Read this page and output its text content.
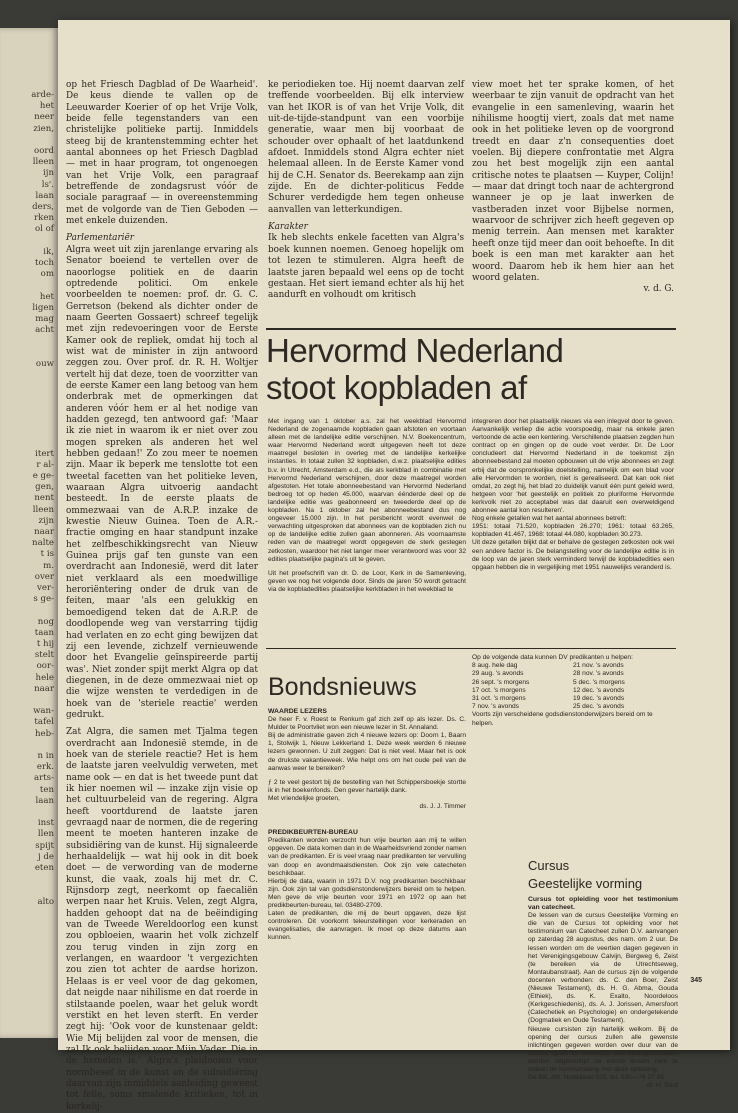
arde-
het
neer
zien,

oord
lleen
ijn
ls'.
laan
ders,
rken
ol of

ik,
toch
om

het
ligen
mag
acht

ouw

itert
r al-
e ge-
gen,
nent
lleen
zijn
naar
nalte
t is
m.
over
ver-
s ge-

nog
taan
t hij
stelt
oor-
hele
naar

wan-
tafel
heb-

n in
erk.
arts-
ten
laan

inst
llen
spijt
j de
eten

alto

op het Friesch Dagblad of De Waarheid'. De keus diende te vallen op de Leeuwarder Koerier of op het Vrije Volk, beide felle tegenstanders van een christelijke politieke partij. Inmiddels steeg bij de krantenstemming echter het aantal abonnees op het Friesch Dagblad — met in haar program, tot ongenoegen van het Vrije Volk, een paragraaf betreffende de zondagsrust vóór de sociale paragraaf — in overeenstemming met de volgorde van de Tien Geboden — met enkele duizenden.

Parlementariër

Algra weet uit zijn jarenlange ervaring als Senator boeiend te vertellen over de naoorlogse politiek en de daarin optredende politici. Om enkele voorbeelden te noemen: prof. dr. G. C. Gerretson (bekend als dichter onder de naam Geerten Gossaert) schreef tegelijk met zijn redevoeringen voor de Eerste Kamer ook de repliek, omdat hij toch al wist wat de minister in zijn antwoord zeggen zou. Over prof. dr. R. H. Woltjer vertelt hij dat deze, toen de voorzitter van de eerste Kamer een lang betoog van hem onderbrak met de opmerkingen dat anderen vóór hem er al het nodige van hadden gezegd, ten antwoord gaf: 'Maar ik zie niet in waarom ik er niet over zou mogen spreken als anderen het wel hebben gedaan!' Zo zou meer te noemen zijn. Maar ik beperk me tenslotte tot een tweetal facetten van het politieke leven, waaraan Algra uitvoerig aandacht besteedt. In de eerste plaats de ommezwaai van de A.R.P. inzake de kwestie Nieuw Guinea. Toen de A.R.-fractie omging en haar standpunt inzake het zelfbeschikkingsrecht van Nieuw Guinea prijs gaf ten gunste van een overdracht aan Indonesië, werd dit later niet verklaard als een moedwillige heroriëntering onder de druk van de feiten, maar 'als een gelukkig en bemoedigend teken dat de A.R.P. de doodlopende weg van verstarring tijdig had verlaten en zo echt ging bewijzen dat zij een levende, zichzelf vernieuwende door het Evangelie geïnspireerde partij was'. Niet zonder spijt merkt Algra op dat diegenen, in de deze ommezwaai niet op die wijze wensten te verdedigen in de hoek van de 'steriele reactie' werden gedrukt.

Zat Algra, die samen met Tjalma tegen overdracht aan Indonesië stemde, in de hoek van de steriele reactie? Het is hem de laatste jaren veelvuldig verweten, met name ook — en dat is het tweede punt dat ik hier noemen wil — inzake zijn visie op het cultuurbeleid van de regering. Algra heeft voortdurend de laatste jaren gevraagd naar de normen, die de regering meent te moeten hanteren inzake de subsidiëring van de kunst. Hij signaleerde herhaaldelijk — wat hij ook in dit boek doet — de verwording van de moderne kunst, die vaak, zoals hij met dr. C. Rijnsdorp zegt, neerkomt op faecaliën werpen naar het Kruis. Velen, zegt Algra, hadden gehoopt dat na de beëindiging van de Tweede Wereldoorlog een kunst zou opbloeien, waarin het volk zichzelf zou terug vinden in zijn zorg en verlangen, en waardoor 't vergezichten zou zien tot achter de aardse horizon. Helaas is er veel voor de dag gekomen, dat neigde naar nihilisme en dat roerde in stilstaande poelen, waar het geluk wordt verstikt en het leven sterft. En verder zegt hij: 'Ook voor de kunstenaar geldt: Wie Mij belijden zal voor de mensen, die zal Ik ook belijden voor Mijn Vader, Die in de hemelen is.' Algra's pleidooien voor normbesef in de kunst en de subsidiëring daarvan zijn inmiddels aanleiding geweest tot felle, soms smalende kritieken, tot in kerkelij-

ke periodieken toe. Hij noemt daarvan zelf treffende voorbeelden. Bij elk interview van het IKOR is of van het Vrije Volk, dit uit-de-tijde-standpunt van een voorbije generatie, waar men bij voorbaat de schouder over ophaalt of het laatdunkend afdoet. Inmiddels stond Algra echter niet helemaal alleen. In de Eerste Kamer vond hij de C.H. Senator ds. Beerekamp aan zijn zijde. En de dichter-politicus Fedde Schurer verdedigde hem tegen onheuse aanvallen van letterkundigen.

Karakter

Ik heb slechts enkele facetten van Algra's boek kunnen noemen. Genoeg hopelijk om tot lezen te stimuleren. Algra heeft de laatste jaren bepaald wel eens op de tocht gestaan. Het siert iemand echter als hij het aandurft en volhoudt om kritisch

view moet het ter sprake komen, of het weerbaar te zijn vanuit de opdracht van het evangelie in een samenleving, waarin het nihilisme hoogtij viert, zoals dat met name ook in het politieke leven op de voorgrond treedt en daar z'n consequenties doet voelen. Bij diepere confrontatie met Algra zou het best mogelijk zijn een aantal critische notes te plaatsen — Kuyper, Colijn! — maar dat dringt toch naar de achtergrond wanneer je op je laat inwerken de vastberaden inzet voor Bijbelse normen, waarvoor de schrijver zich heeft gegeven op menig terrein. Aan mensen met karakter heeft onze tijd meer dan ooit behoefte. In dit boek is een man met karakter aan het woord. Daarom heb ik hem hier aan het woord gelaten.

v. d. G.

Hervormd Nederland
stoot kopbladen af

Met ingang van 1 oktober a.s. zal het weekblad Hervormd Nederland de zogenaamde kopbladen gaan afstoten en voortaan alleen met de landelijke editie verschijnen. N.V. Boekencentrum, waar Hervormd Nederland wordt uitgegeven heeft tot deze maatregel besloten in overleg met de landelijke kerkelijke instanties. In totaal zullen 32 kopbladen, d.w.z. plaatselijke edities b.v. in Utrecht, Amsterdam e.d., die als kerkblad in combinatie met Hervormd Nederland verschijnen, door deze maatregel worden afgestoten. Het totale abonneebestand van Hervormd Nederland bedroeg tot op heden 45.000, waarvan éénderde deel op de landelijke editie was geabonneerd en tweederde deel op de kopbladen. Na 1 oktober zal het abonneebestand dus nog ongeveer 15.000 zijn. In het persbericht wordt evenwel de verwachting uitgesproken dat abonnees van de kopbladen zich nu op de landelijke editie zullen gaan abonneren. Als voornaamste reden van de maatregel wordt opgegeven de sterk gestegen zetkosten, waardoor het niet langer meer verantwoord was voor 32 edities plaatselijke pagina's uit te geven.

Uit het proefschrift van dr. D. de Loor, Kerk in de Samenleving, geven we nog het volgende door. Sinds de jaren '50 wordt getracht via de kopbladedities plaatselijke kerkbladen in het weekblad te

integreren door het plaatselijk nieuws via een inlegvel door te geven. Aanvankelijk verliep die actie voorspoedig, maar na enkele jaren vertoonde de actie een kentering. Verschillende plaatsen zegden hun contract op en gingen op de oude voet verder. Dr. De Loor concludeert dat Hervormd Nederland in de toekomst zijn abonneebestand zal moeten opbouwen uit de vrije abonnees en zegt erbij dat de oorspronkelijke doelstelling, namelijk om een blad voor alle Hervormden te worden, niet is gerealiseerd. Dat kan ook niet omdat, zo zegt hij, het blad zo duidelijk vanuit één punt geleid werd, hetgeen voor 'het geestelijk en politiek zo pluriforme Hervormde kerkvolk niet zo acceptabel was dat daaruit een overweldigend abonnee aantal kon resulteren'.

Nog enkele getallen wat het aantal abonnees betreft:

1951: totaal 71.520, kopbladen 26.270; 1961: totaal 63.265, kopbladen 41.467, 1968: totaal 44.080, kopbladen 30.273.

Uit deze getallen blijkt dat er behalve de gestegen zetkosten ook wel een andere factor is. De belangstelling voor de landelijke editie is in de loop van de jaren sterk verminderd terwijl de kopbladedities een opgaan hebben die in vergelijking met 1951 nauwelijks veranderd is.

Bondsnieuws

WAARDE LEZERS

De heer F. v. Roest te Renkum gaf zich zelf op als lezer. Ds. C. Mulder te Poortvliet won een nieuwe lezer in St. Annaland.

Bij de administratie gaven zich 4 nieuwe lezers op: Doorn 1, Baarn 1, Stolwijk 1, Nieuw Lekkerland 1. Deze week werden 6 nieuwe lezers gewonnen. U zult zeggen: Dat is niet veel. Maar het is ook de drukste vakantieweek. Wie helpt ons om het oude peil van de aanwas weer te bereiken?

ƒ 2 te veel gestort bij de bestelling van het Schippersboekje stortte ik in het boekenfonds. Den gever hartelijk dank.

Met vriendelijke groeten,

ds. J. J. Timmer

PREDIKBEURTEN-BUREAU

Predikanten worden verzocht hun vrije beurten aan mij te willen opgeven. De data komen dan in de Waarheidsvriend zonder namen van de predikanten. Er is veel vraag naar predikanten ter vervulling van doop en avondmaalsdiensten. Ook zijn vele catecheten beschikbaar.

Hierbij de data, waarin in 1971 D.V. nog predikanten beschikbaar zijn. Ook zijn tal van godsdienstonderwijzers bereid om te helpen. Men geve de vrije beurten voor 1971 en 1972 op aan het predikbeurten-bureau, tel. 03480-2709.

Laten de predikanten, die mij de beurt opgaven, deze lijst controleren. Dit voorkomt teleurstellingen voor kerkeraden en evangelisaties, die aanvragen. Ik moet op deze datums aan kunnen.

Op de volgende data kunnen DV predikanten u helpen:

8 aug. hele dag	21 nov. 's avonds
29 aug. 's avonds	28 nov. 's avonds
26 sept. 's morgens	5 dec. 's morgens
17 oct. 's morgens	12 dec. 's avonds
31 oct. 's morgens	19 dec. 's avonds
7 nov. 's avonds	25 dec. 's avonds

Voorts zijn verscheidene godsdienstonderwijzers bereid om te helpen.

Cursus
Geestelijke vorming

Cursus tot opleiding voor het testimonium van catecheet.

De lessen van de cursus Geestelijke Vorming en die van de Cursus tot opleiding voor het testimonium van Catecheet zullen D.V. aanvangen op zaterdag 28 augustus, des nam. om 2 uur. De lessen worden om de veertien dagen gegeven in het Verenigingsgebouw Calvijn, Bergweg 6, Zeist (te bereiken via de Utrechtseweg, Montaubanstraat). Aan de cursus zijn de volgende docenten verbonden: ds. C. den Boer, Zeist (Nieuwe Testament), ds. H. G. Abma, Gouda (Ethiek), ds. K. Exalto, Noordeloos (Kerkgeschiedenis), ds. A. J. Jorissen, Amersfoort (Catechetiek en Psychologie) en ondergetekende (Dogmatiek en Oude Testament).

Nieuwe cursisten zijn hartelijk welkom. Bij de opening der cursus zullen alle gewenste inlichtingen gegeven worden over duur van de cursus, opzet en werkwijze. Alle belangstellenden worden uitgenodigd de eerste lessen mee te maken ter kennismaking met deze opleiding.

De Bilt, Alfr. Nobellaan 525, tel. 030—76 27 85.

dr. H. Bout

345
